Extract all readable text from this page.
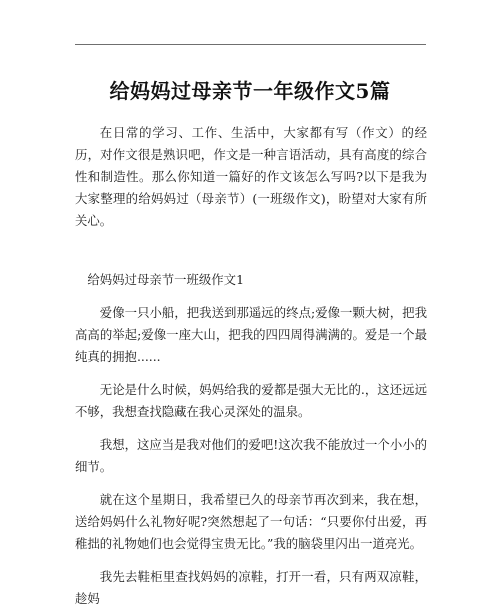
给妈妈过母亲节一年级作文5篇

在日常的学习、工作、生活中，大家都有写（作文）的经历，对作文很是熟识吧，作文是一种言语活动，具有高度的综合性和制造性。那么你知道一篇好的作文该怎么写吗?以下是我为大家整理的给妈妈过（母亲节）(一班级作文)，盼望对大家有所关心。

给妈妈过母亲节一班级作文1

爱像一只小船，把我送到那遥远的终点;爱像一颗大树，把我高高的举起;爱像一座大山，把我的四四周得满满的。爱是一个最纯真的拥抱......

无论是什么时候，妈妈给我的爱都是强大无比的.，这还远远不够，我想查找隐藏在我心灵深处的温泉。

我想，这应当是我对他们的爱吧!这次我不能放过一个小小的细节。

就在这个星期日，我希望已久的母亲节再次到来，我在想，送给妈妈什么礼物好呢?突然想起了一句话：“只要你付出爱，再稚拙的礼物她们也会觉得宝贵无比。”我的脑袋里闪出一道亮光。

我先去鞋柜里查找妈妈的凉鞋，打开一看，只有两双凉鞋，趁妈
